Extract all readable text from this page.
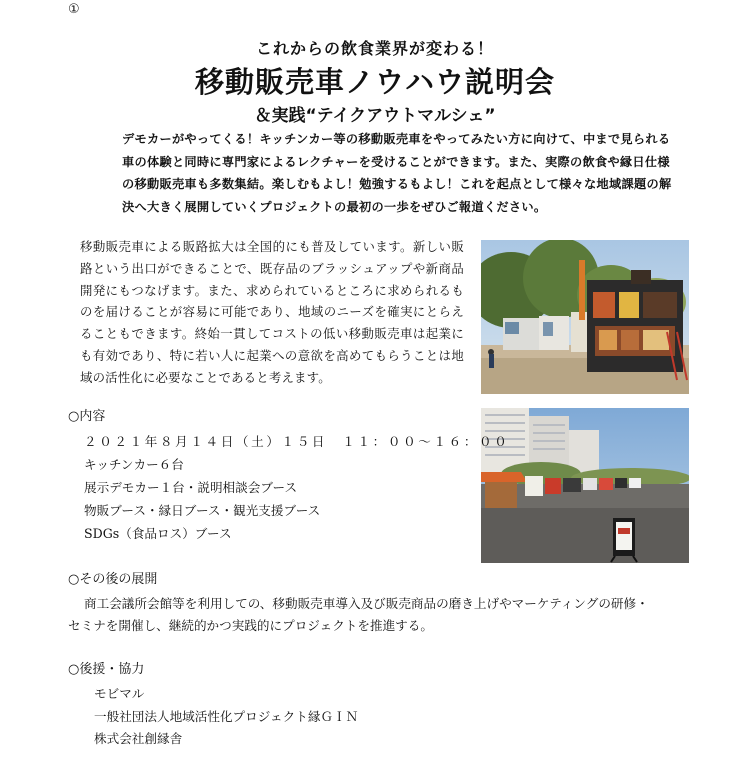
①
これからの飲食業界が変わる！
移動販売車ノウハウ説明会
＆実践“テイクアウトマルシェ”
デモカーがやってくる！キッチンカー等の移動販売車をやってみたい方に向けて、中まで見られる車の体験と同時に専門家によるレクチャーを受けることができます。また、実際の飲食や縁日仕様の移動販売車も多数集結。楽しむもよし！勉強するもよし！これを起点として様々な地域課題の解決へ大きく展開していくプロジェクトの最初の一歩をぜひご報道ください。
移動販売車による販路拡大は全国的にも普及しています。新しい販路という出口ができることで、既存品のブラッシュアップや新商品開発にもつなげます。また、求められているところに求められるものを届けることが容易に可能であり、地域のニーズを確実にとらえることもできます。終始一貫してコストの低い移動販売車は起業にも有効であり、特に若い人に起業への意欲を高めてもらうことは地域の活性化に必要なことであると考えます。
○内容
２０２１年８月１４日（土）１５日　１１：００～１６：００
キッチンカー６台
展示デモカー１台・説明相談会ブース
物販ブース・縁日ブース・観光支援ブース
SDGs（食品ロス）ブース
○その後の展開
商工会議所会館等を利用しての、移動販売車導入及び販売商品の磨き上げやマーケティングの研修・
セミナを開催し、継続的かつ実践的にプロジェクトを推進する。
○後援・協力
モビマル
一般社団法人地域活性化プロジェクト縁ＧＩＮ
株式会社創縁舎
